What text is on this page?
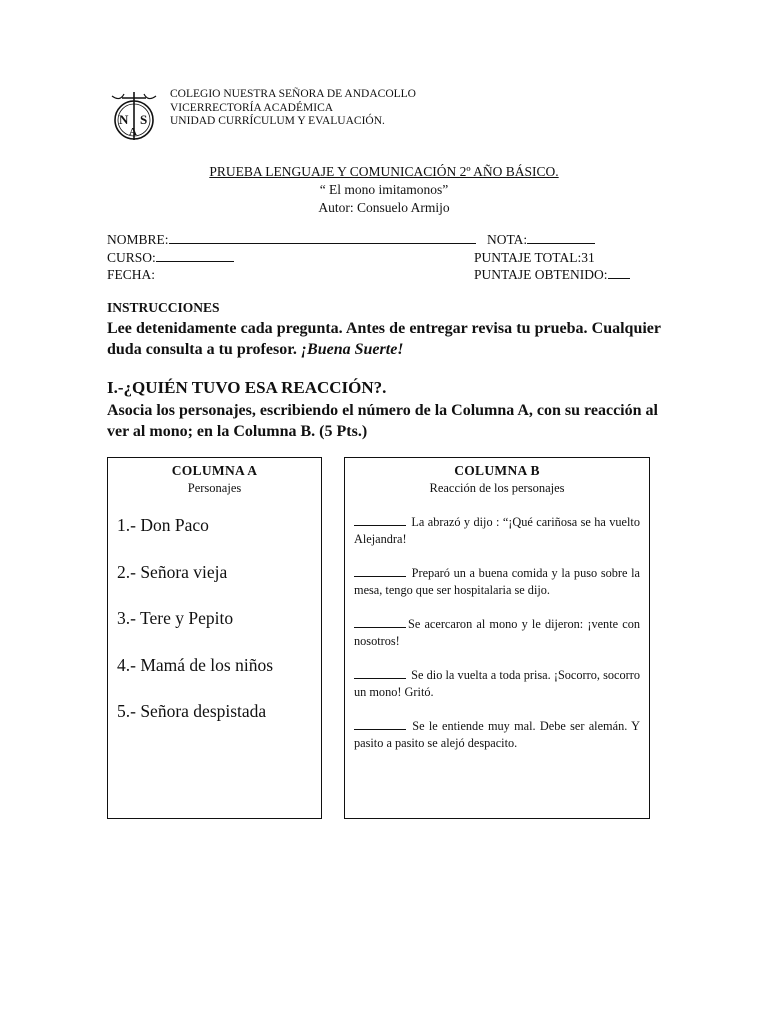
N S
A
COLEGIO NUESTRA SEÑORA DE ANDACOLLO
VICERRECTORÍA ACADÉMICA
UNIDAD CURRÍCULUM Y EVALUACIÓN.
PRUEBA LENGUAJE Y COMUNICACIÓN 2º AÑO BÁSICO.
“ El mono imitamonos”
Autor: Consuelo Armijo
NOMBRE:	NOTA:
CURSO:	PUNTAJE TOTAL:31
FECHA:	PUNTAJE OBTENIDO:
INSTRUCCIONES
Lee detenidamente cada pregunta. Antes de entregar revisa tu prueba. Cualquier duda consulta a tu profesor. ¡Buena Suerte!
I.-¿QUIÉN TUVO ESA REACCIÓN?.
Asocia los personajes, escribiendo el número de la Columna A, con su reacción al ver al mono; en la Columna B. (5 Pts.)
COLUMNA A
Personajes
1.- Don Paco
2.- Señora vieja
3.- Tere y Pepito
4.- Mamá de los niños
5.- Señora despistada
COLUMNA B
Reacción de los personajes
La abrazó y dijo : “¡Qué cariñosa se ha vuelto Alejandra!
Preparó un a buena comida y la puso sobre la mesa, tengo que ser hospitalaria se dijo.
Se acercaron al mono y le dijeron: ¡vente con nosotros!
Se dio la vuelta a toda prisa. ¡Socorro, socorro un mono! Gritó.
Se le entiende muy mal. Debe ser alemán. Y pasito a pasito se alejó despacito.
